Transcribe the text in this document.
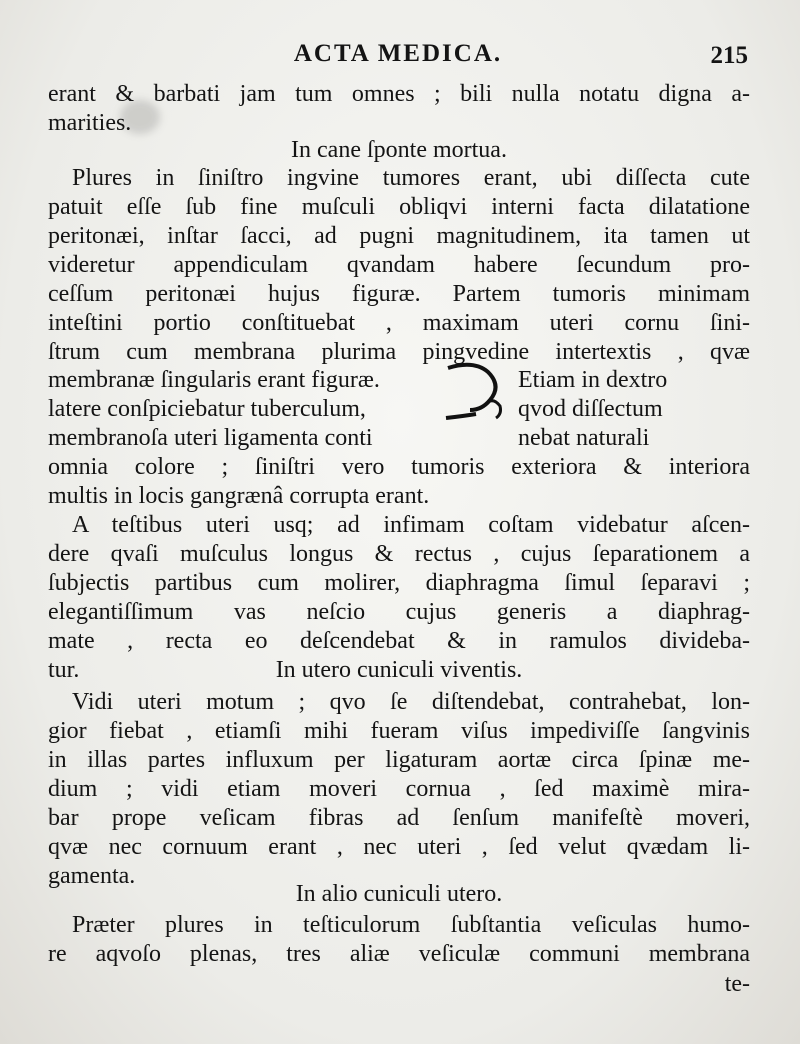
ACTA MEDICA.	215
erant & barbati jam tum omnes ; bili nulla notatu digna a-
marities.
In cane ſponte mortua.
Plures in ſiniſtro ingvine tumores erant, ubi diſſecta cute
patuit eſſe ſub fine muſculi obliqvi interni facta dilatatione
peritonæi, inſtar ſacci, ad pugni magnitudinem, ita tamen ut
videretur appendiculam qvandam habere ſecundum pro-
ceſſum peritonæi hujus figuræ. Partem tumoris minimam
inteſtini portio conſtituebat , maximam uteri cornu ſini-
ſtrum cum membrana plurima pingvedine intertextis , qvæ
membranæ ſingularis erant figuræ.	Etiam in dextro
latere conſpiciebatur tuberculum,	qvod diſſectum
membranoſa uteri ligamenta conti	nebat naturali
omnia colore ; ſiniſtri vero tumoris exteriora & interiora
multis in locis gangrænâ corrupta erant.
A teſtibus uteri usq; ad infimam coſtam videbatur aſcen-
dere qvaſi muſculus longus & rectus , cujus ſeparationem a
ſubjectis partibus cum molirer, diaphragma ſimul ſeparavi ;
elegantiſſimum vas neſcio cujus generis a diaphrag-
mate , recta eo deſcendebat & in ramulos divideba-
tur.	In utero cuniculi viventis.
Vidi uteri motum ; qvo ſe diſtendebat, contrahebat, lon-
gior fiebat , etiamſi mihi fueram viſus impediviſſe ſangvinis
in illas partes influxum per ligaturam aortæ circa ſpinæ me-
dium ; vidi etiam moveri cornua , ſed maximè mira-
bar prope veſicam fibras ad ſenſum manifeſtè moveri,
qvæ nec cornuum erant , nec uteri , ſed velut qvædam li-
gamenta.
In alio cuniculi utero.
Præter plures in teſticulorum ſubſtantia veſiculas humo-
re aqvoſo plenas, tres aliæ veſiculæ communi membrana
te-
